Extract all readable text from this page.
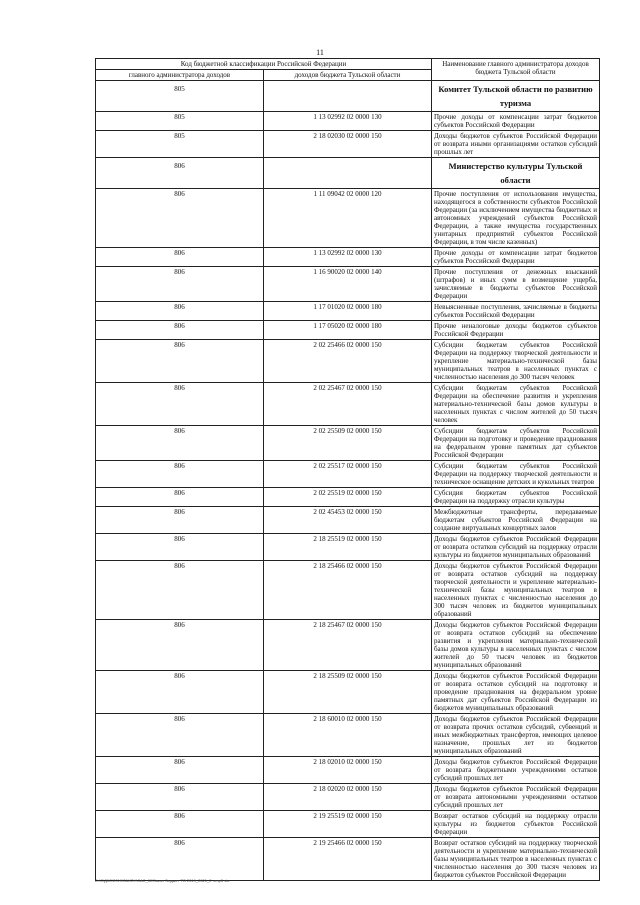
11
Код бюджетной классификации Российской Федерации		Наименование главного администратора доходов бюджета Тульской области
главного администратора доходов	доходов бюджета Тульской области	
805		Комитет Тульской области по развитию туризма
805	1 13 02992 02 0000 130	Прочие доходы от компенсации затрат бюджетов субъектов Российской Федерации
805	2 18 02030 02 0000 150	Доходы бюджетов субъектов Российской Федерации от возврата иными организациями остатков субсидий прошлых лет
806		Министерство культуры Тульской области
806	1 11 09042 02 0000 120	Прочие поступления от использования имущества, находящегося в собственности субъектов Российской Федерации (за исключением имущества бюджетных и автономных учреждений субъектов Российской Федерации, а также имущества государственных унитарных предприятий субъектов Российской Федерации, в том числе казенных)
806	1 13 02992 02 0000 130	Прочие доходы от компенсации затрат бюджетов субъектов Российской Федерации
806	1 16 90020 02 0000 140	Прочие поступления от денежных взысканий (штрафов) и иных сумм в возмещение ущерба, зачисляемые в бюджеты субъектов Российской Федерации
806	1 17 01020 02 0000 180	Невыясненные поступления, зачисляемые в бюджеты субъектов Российской Федерации
806	1 17 05020 02 0000 180	Прочие неналоговые доходы бюджетов субъектов Российской Федерации
806	2 02 25466 02 0000 150	Субсидии бюджетам субъектов Российской Федерации на поддержку творческой деятельности и укрепление материально-технической базы муниципальных театров в населенных пунктах с численностью населения до 300 тысяч человек
806	2 02 25467 02 0000 150	Субсидии бюджетам субъектов Российской Федерации на обеспечение развития и укрепления материально-технической базы домов культуры в населенных пунктах с числом жителей до 50 тысяч человек
806	2 02 25509 02 0000 150	Субсидии бюджетам субъектов Российской Федерации на подготовку и проведение празднования на федеральном уровне памятных дат субъектов Российской Федерации
806	2 02 25517 02 0000 150	Субсидии бюджетам субъектов Российской Федерации на поддержку творческой деятельности и техническое оснащение детских и кукольных театров
806	2 02 25519 02 0000 150	Субсидия бюджетам субъектов Российской Федерации на поддержку отрасли культуры
806	2 02 45453 02 0000 150	Межбюджетные трансферты, передаваемые бюджетам субъектов Российской Федерации на создание виртуальных концертных залов
806	2 18 25519 02 0000 150	Доходы бюджетов субъектов Российской Федерации от возврата остатков субсидий на поддержку отрасли культуры из бюджетов муниципальных образований
806	2 18 25466 02 0000 150	Доходы бюджетов субъектов Российской Федерации от возврата остатков субсидий на поддержку творческой деятельности и укрепление материально-технической базы муниципальных театров в населенных пунктах с численностью населения до 300 тысяч человек из бюджетов муниципальных образований
806	2 18 25467 02 0000 150	Доходы бюджетов субъектов Российской Федерации от возврата остатков субсидий на обеспечение развития и укрепления материально-технической базы домов культуры в населенных пунктах с числом жителей до 50 тысяч человек из бюджетов муниципальных образований
806	2 18 25509 02 0000 150	Доходы бюджетов субъектов Российской Федерации от возврата остатков субсидий на подготовку и проведение празднования на федеральном уровне памятных дат субъектов Российской Федерации из бюджетов муниципальных образований
806	2 18 60010 02 0000 150	Доходы бюджетов субъектов Российской Федерации от возврата прочих остатков субсидий, субвенций и иных межбюджетных трансфертов, имеющих целевое назначение, прошлых лет из бюджетов муниципальных образований
806	2 18 02010 02 0000 150	Доходы бюджетов субъектов Российской Федерации от возврата бюджетными учреждениями остатков субсидий прошлых лет
806	2 18 02020 02 0000 150	Доходы бюджетов субъектов Российской Федерации от возврата автономными учреждениями остатков субсидий прошлых лет
806	2 19 25519 02 0000 150	Возврат остатков субсидий на поддержку отрасли культуры из бюджетов субъектов Российской Федерации
806	2 19 25466 02 0000 150	Возврат остатков субсидий на поддержку творческой деятельности и укрепление материально-технической базы муниципальных театров в населенных пунктах с численностью населения до 300 тысяч человек из бюджетов субъектов Российской Федерации
D:\C\ДКС\2019\ЗАКОН\ЗАС_60\Закон бюджет ТО 2019_2021_2 чтпр5 vlo
